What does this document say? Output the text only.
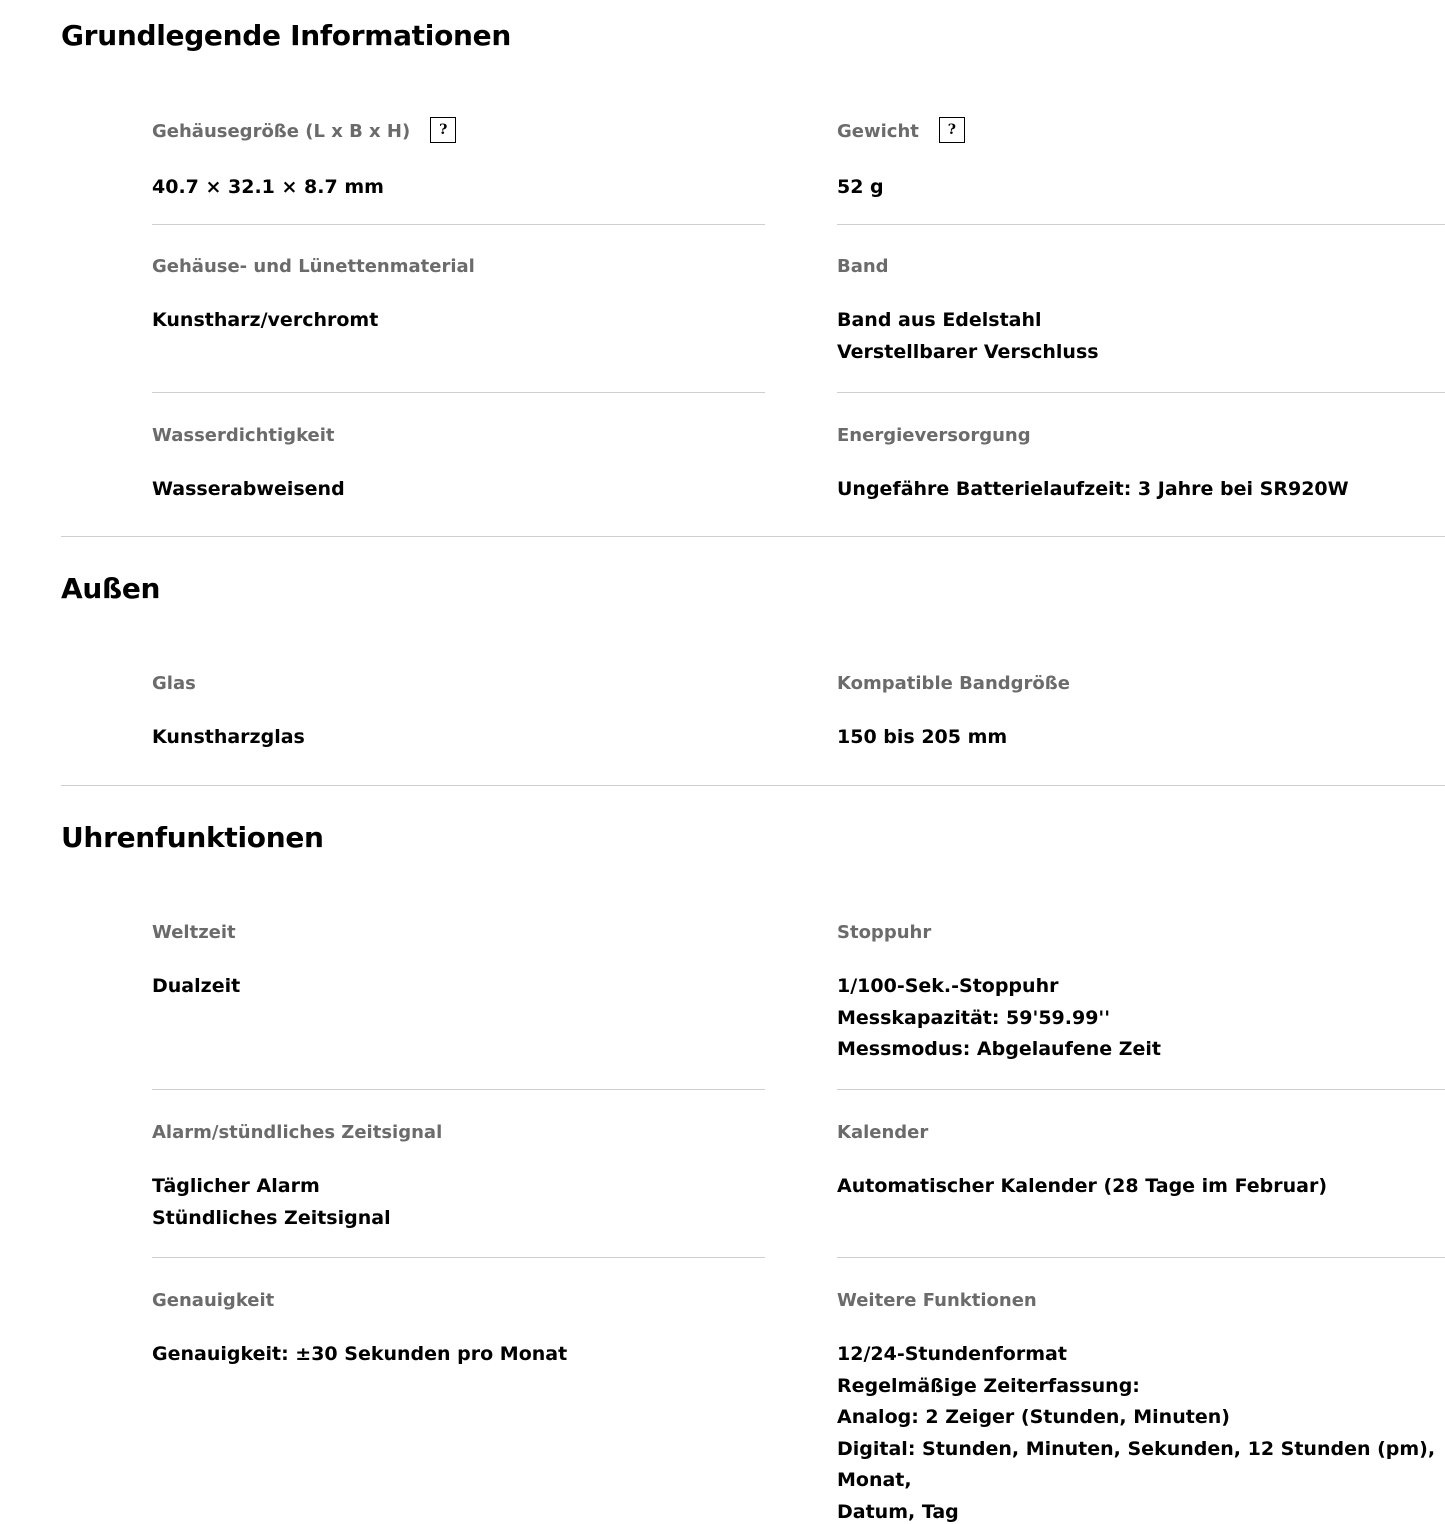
Grundlegende Informationen
Gehäusegröße (L x B x H)	?
40.7 × 32.1 × 8.7 mm
Gewicht	?
52 g
Gehäuse- und Lünettenmaterial
Kunstharz/verchromt
Band
Band aus Edelstahl
Verstellbarer Verschluss
Wasserdichtigkeit
Wasserabweisend
Energieversorgung
Ungefähre Batterielaufzeit: 3 Jahre bei SR920W
Außen
Glas
Kunstharzglas
Kompatible Bandgröße
150 bis 205 mm
Uhrenfunktionen
Weltzeit
Dualzeit
Stoppuhr
1/100-Sek.-Stoppuhr
Messkapazität: 59'59.99''
Messmodus: Abgelaufene Zeit
Alarm/stündliches Zeitsignal
Täglicher Alarm
Stündliches Zeitsignal
Kalender
Automatischer Kalender (28 Tage im Februar)
Genauigkeit
Genauigkeit: ±30 Sekunden pro Monat
Weitere Funktionen
12/24-Stundenformat
Regelmäßige Zeiterfassung:
Analog: 2 Zeiger (Stunden, Minuten)
Digital: Stunden, Minuten, Sekunden, 12 Stunden (pm), Monat,
Datum, Tag
